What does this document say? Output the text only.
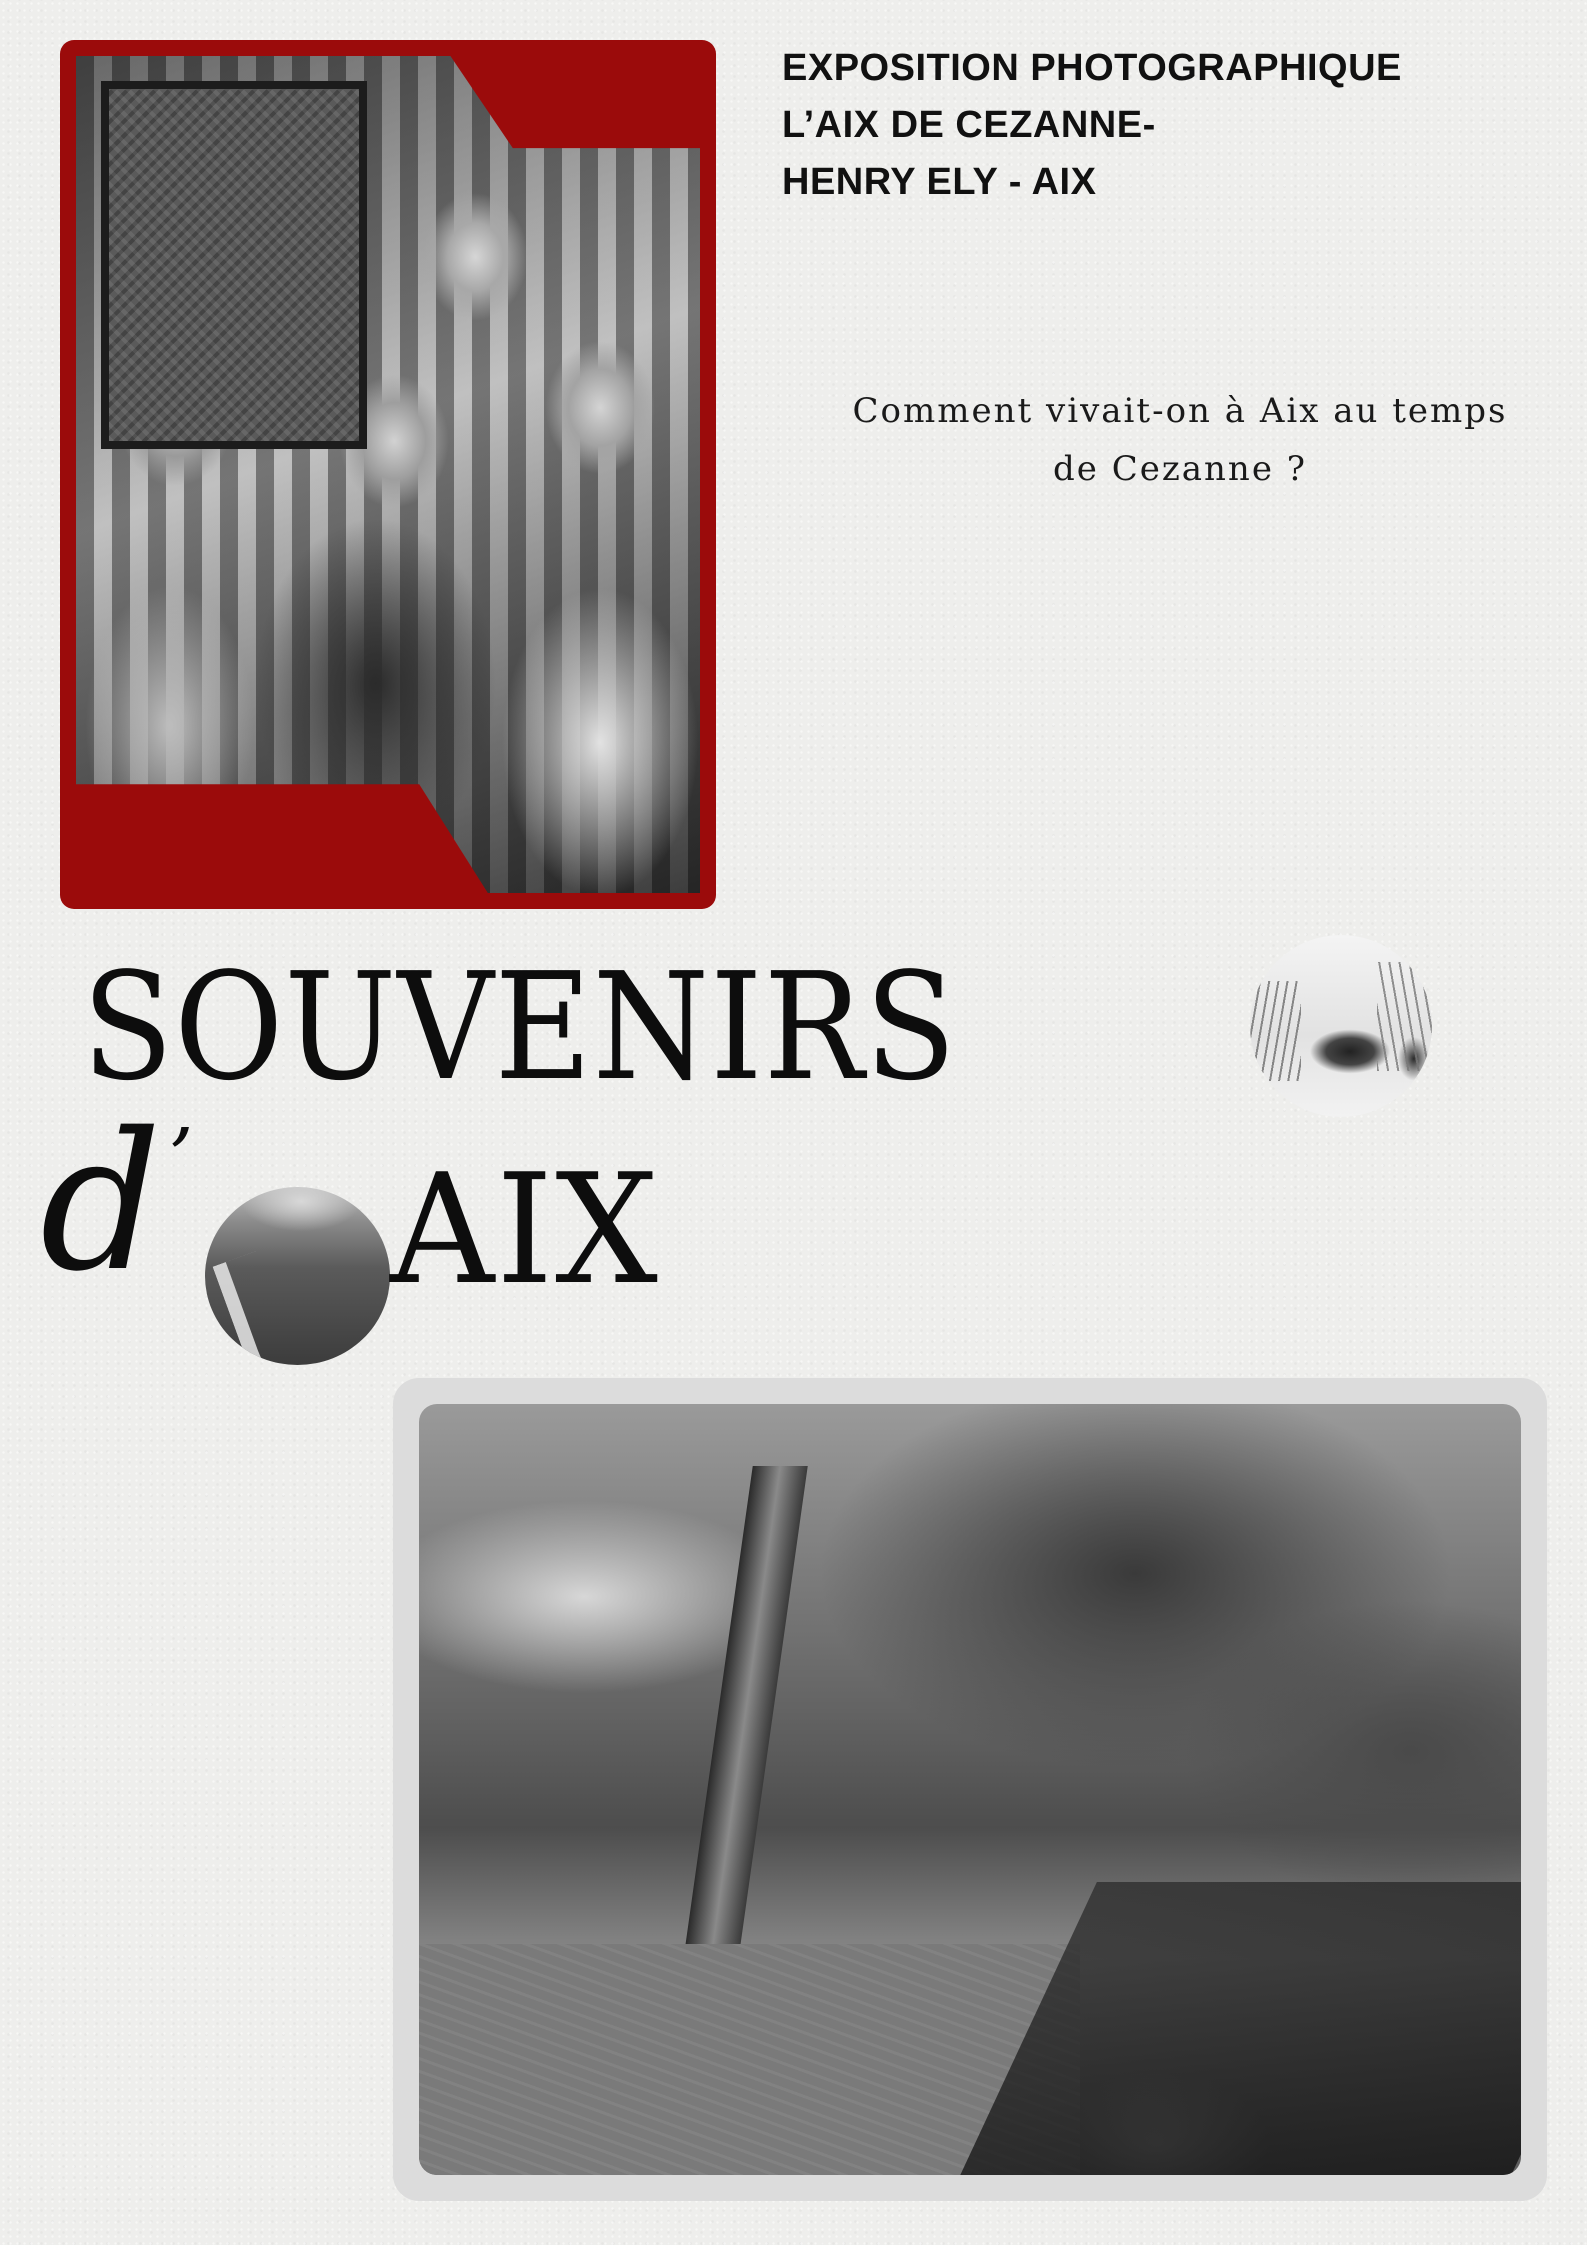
EXPOSITION PHOTOGRAPHIQUE
L’AIX DE CEZANNE-
HENRY ELY - AIX

Comment vivait-on à Aix au temps
de Cezanne ?

SOUVENIRS
d ’ AIX
